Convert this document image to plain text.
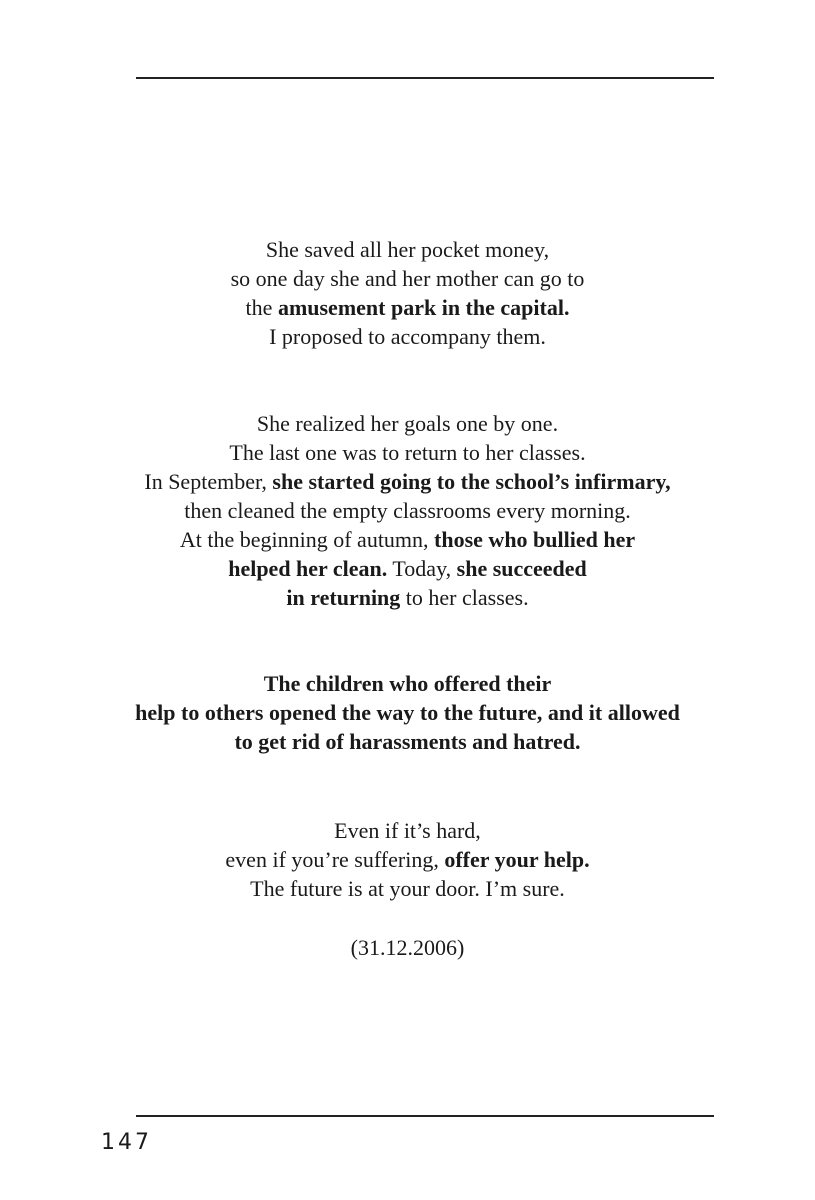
She saved all her pocket money,
so one day she and her mother can go to
the amusement park in the capital.
I proposed to accompany them.
She realized her goals one by one.
The last one was to return to her classes.
In September, she started going to the school’s infirmary,
then cleaned the empty classrooms every morning.
At the beginning of autumn, those who bullied her
helped her clean. Today, she succeeded
in returning to her classes.
The children who offered their
help to others opened the way to the future, and it allowed
to get rid of harassments and hatred.
Even if it’s hard,
even if you’re suffering, offer your help.
The future is at your door. I’m sure.
(31.12.2006)
147
